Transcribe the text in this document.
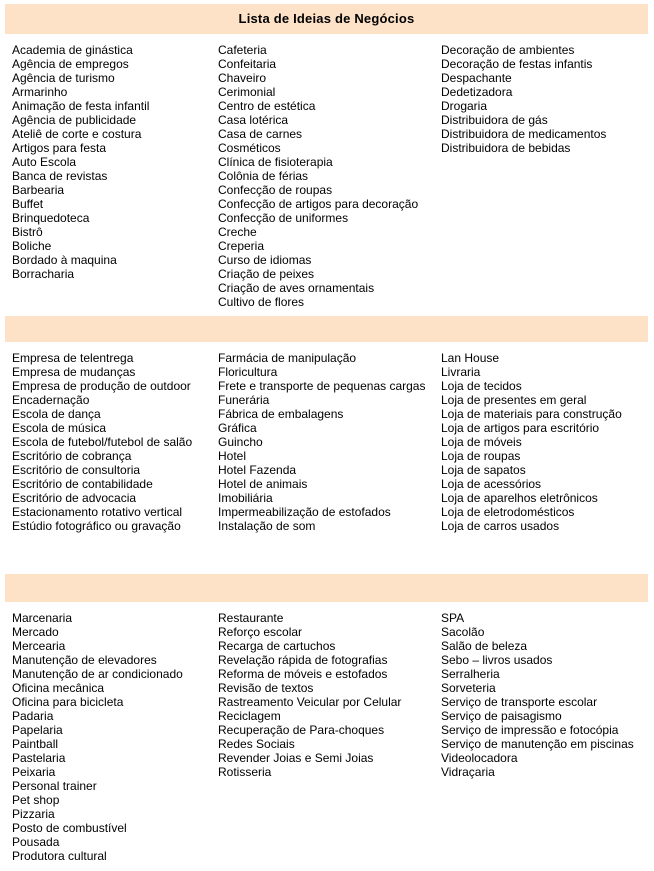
Lista de Ideias de Negócios
Academia de ginástica
Agência de empregos
Agência de turismo
Armarinho
Animação de festa infantil
Agência de publicidade
Ateliê de corte e costura
Artigos para festa
Auto Escola
Banca de revistas
Barbearia
Buffet
Brinquedoteca
Bistrô
Boliche
Bordado à maquina
Borracharia
Cafeteria
Confeitaria
Chaveiro
Cerimonial
Centro de estética
Casa lotérica
Casa de carnes
Cosméticos
Clínica de fisioterapia
Colônia de férias
Confecção de roupas
Confecção de artigos para decoração
Confecção de uniformes
Creche
Creperia
Curso de idiomas
Criação de peixes
Criação de aves ornamentais
Cultivo de flores
Decoração de ambientes
Decoração de festas infantis
Despachante
Dedetizadora
Drogaria
Distribuidora de gás
Distribuidora de medicamentos
Distribuidora de bebidas
Empresa de telentrega
Empresa de mudanças
Empresa de produção de outdoor
Encadernação
Escola de dança
Escola de música
Escola de futebol/futebol de salão
Escritório de cobrança
Escritório de consultoria
Escritório de contabilidade
Escritório de advocacia
Estacionamento rotativo vertical
Estúdio fotográfico ou gravação
Farmácia de manipulação
Floricultura
Frete e transporte de pequenas cargas
Funerária
Fábrica de embalagens
Gráfica
Guincho
Hotel
Hotel Fazenda
Hotel de animais
Imobiliária
Impermeabilização de estofados
Instalação de som
Lan House
Livraria
Loja de tecidos
Loja de presentes em geral
Loja de materiais para construção
Loja de artigos para escritório
Loja de móveis
Loja de roupas
Loja de sapatos
Loja de acessórios
Loja de aparelhos eletrônicos
Loja de eletrodomésticos
Loja de carros usados
Marcenaria
Mercado
Mercearia
Manutenção de elevadores
Manutenção de ar condicionado
Oficina mecânica
Oficina para bicicleta
Padaria
Papelaria
Paintball
Pastelaria
Peixaria
Personal trainer
Pet shop
Pizzaria
Posto de combustível
Pousada
Produtora cultural
Restaurante
Reforço escolar
Recarga de cartuchos
Revelação rápida de fotografias
Reforma de móveis e estofados
Revisão de textos
Rastreamento Veicular por Celular
Reciclagem
Recuperação de Para-choques
Redes Sociais
Revender Joias e Semi Joias
Rotisseria
SPA
Sacolão
Salão de beleza
Sebo – livros usados
Serralheria
Sorveteria
Serviço de transporte escolar
Serviço de paisagismo
Serviço de impressão e fotocópia
Serviço de manutenção em piscinas
Videolocadora
Vidraçaria
